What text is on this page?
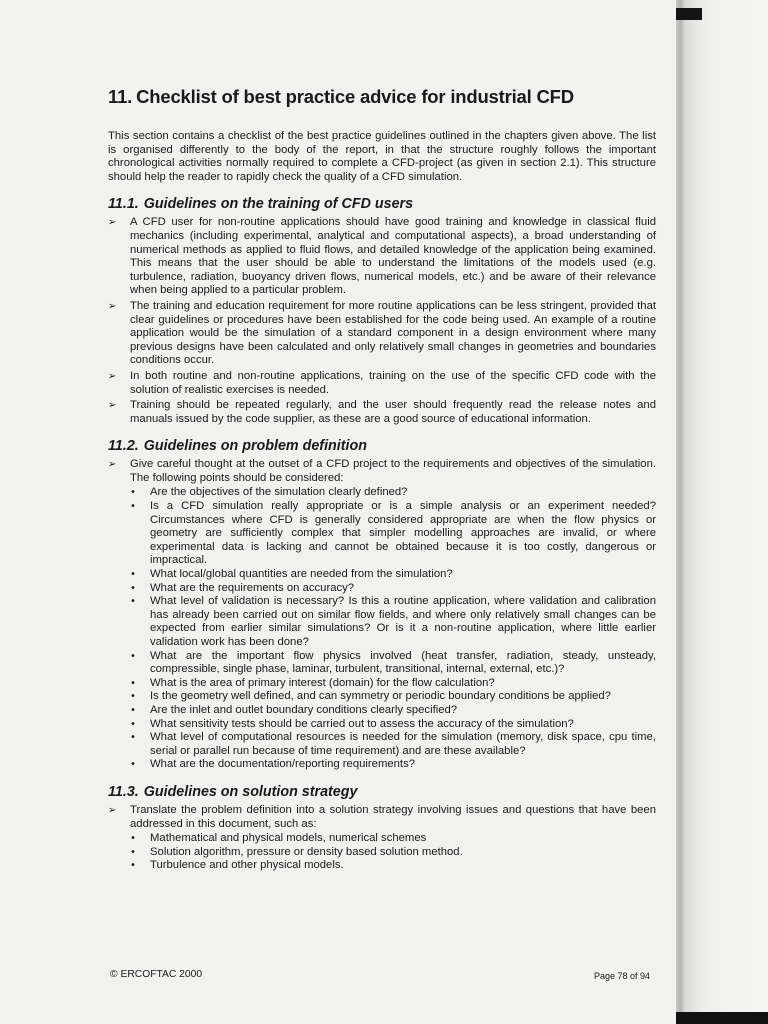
11. Checklist of best practice advice for industrial CFD

This section contains a checklist of the best practice guidelines outlined in the chapters given above. The list is organised differently to the body of the report, in that the structure roughly follows the important chronological activities normally required to complete a CFD-project (as given in section 2.1). This structure should help the reader to rapidly check the quality of a CFD simulation.

11.1. Guidelines on the training of CFD users
➢ A CFD user for non-routine applications should have good training and knowledge in classical fluid mechanics (including experimental, analytical and computational aspects), a broad understanding of numerical methods as applied to fluid flows, and detailed knowledge of the application being examined. This means that the user should be able to understand the limitations of the models used (e.g. turbulence, radiation, buoyancy driven flows, numerical models, etc.) and be aware of their relevance when being applied to a particular problem.
➢ The training and education requirement for more routine applications can be less stringent, provided that clear guidelines or procedures have been established for the code being used. An example of a routine application would be the simulation of a standard component in a design environment where many previous designs have been calculated and only relatively small changes in geometries and boundaries conditions occur.
➢ In both routine and non-routine applications, training on the use of the specific CFD code with the solution of realistic exercises is needed.
➢ Training should be repeated regularly, and the user should frequently read the release notes and manuals issued by the code supplier, as these are a good source of educational information.
11.2. Guidelines on problem definition
➢ Give careful thought at the outset of a CFD project to the requirements and objectives of the simulation. The following points should be considered:
• Are the objectives of the simulation clearly defined?
• Is a CFD simulation really appropriate or is a simple analysis or an experiment needed? Circumstances where CFD is generally considered appropriate are when the flow physics or geometry are sufficiently complex that simpler modelling approaches are invalid, or where experimental data is lacking and cannot be obtained because it is too costly, dangerous or impractical.
• What local/global quantities are needed from the simulation?
• What are the requirements on accuracy?
• What level of validation is necessary? Is this a routine application, where validation and calibration has already been carried out on similar flow fields, and where only relatively small changes can be expected from earlier similar simulations? Or is it a non-routine application, where little earlier validation work has been done?
• What are the important flow physics involved (heat transfer, radiation, steady, unsteady, compressible, single phase, laminar, turbulent, transitional, internal, external, etc.)?
• What is the area of primary interest (domain) for the flow calculation?
• Is the geometry well defined, and can symmetry or periodic boundary conditions be applied?
• Are the inlet and outlet boundary conditions clearly specified?
• What sensitivity tests should be carried out to assess the accuracy of the simulation?
• What level of computational resources is needed for the simulation (memory, disk space, cpu time, serial or parallel run because of time requirement) and are these available?
• What are the documentation/reporting requirements?
11.3. Guidelines on solution strategy
➢ Translate the problem definition into a solution strategy involving issues and questions that have been addressed in this document, such as:
• Mathematical and physical models, numerical schemes
• Solution algorithm, pressure or density based solution method.
• Turbulence and other physical models.
© ERCOFTAC 2000	Page 78 of 94
